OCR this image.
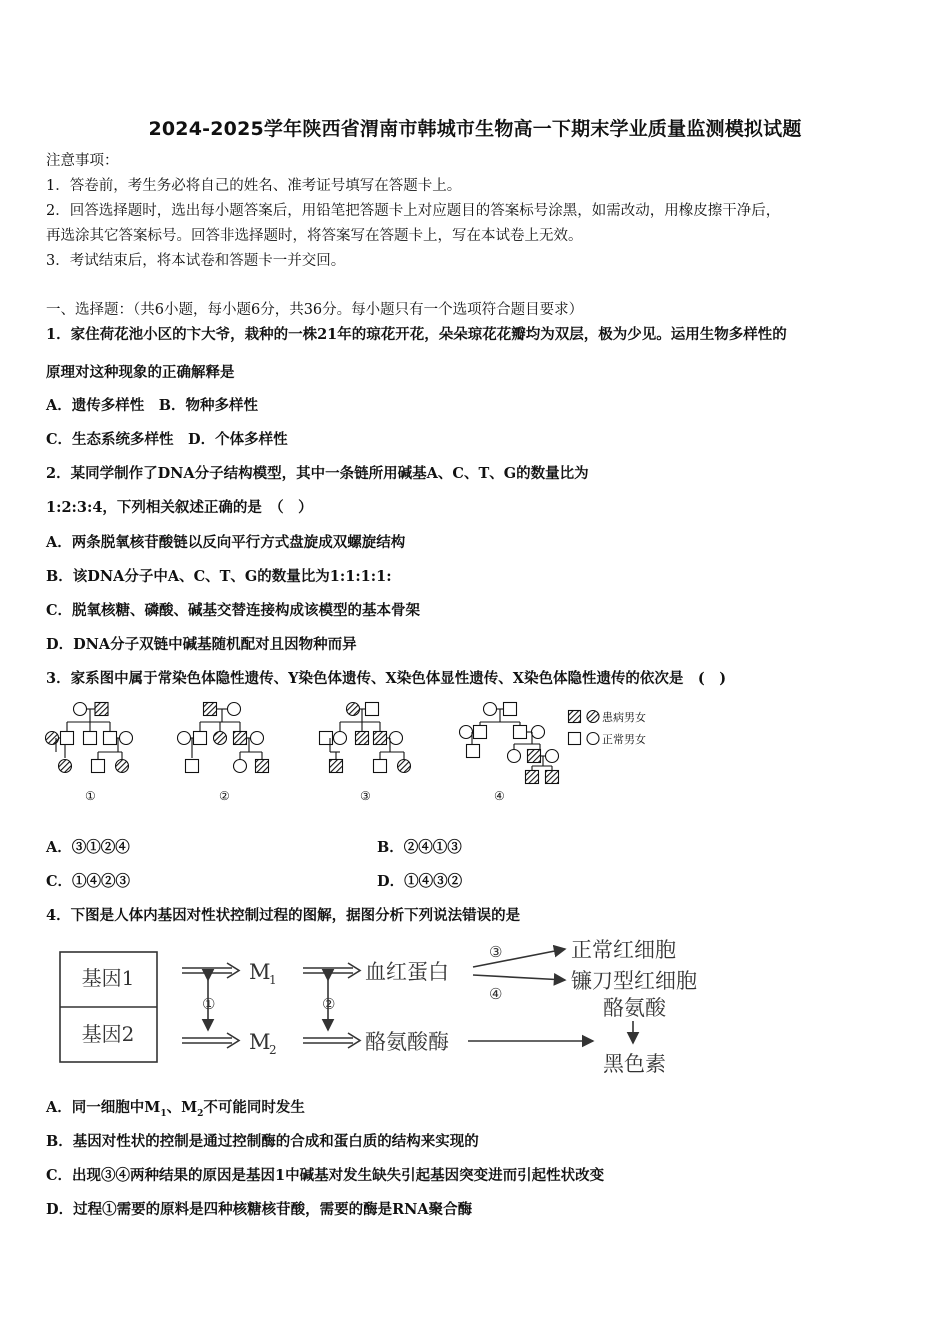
2024-2025学年陕西省渭南市韩城市生物高一下期末学业质量监测模拟试题
注意事项：
1．答卷前，考生务必将自己的姓名、准考证号填写在答题卡上。
2．回答选择题时，选出每小题答案后，用铅笔把答题卡上对应题目的答案标号涂黑，如需改动，用橡皮擦干净后，
再选涂其它答案标号。回答非选择题时，将答案写在答题卡上，写在本试卷上无效。
3．考试结束后，将本试卷和答题卡一并交回。
一、选择题：（共6小题，每小题6分，共36分。每小题只有一个选项符合题目要求）
1．家住荷花池小区的卞大爷，栽种的一株21年的琼花开花，朵朵琼花花瓣均为双层，极为少见。运用生物多样性的
原理对这种现象的正确解释是
A．遗传多样性　B．物种多样性
C．生态系统多样性　D．个体多样性
2．某同学制作了DNA分子结构模型，其中一条链所用碱基A、C、T、G的数量比为
1:2:3:4，下列相关叙述正确的是　（　）
A．两条脱氧核苷酸链以反向平行方式盘旋成双螺旋结构
B．该DNA分子中A、C、T、G的数量比为1:1:1:1:
C．脱氧核糖、磷酸、碱基交替连接构成该模型的基本骨架
D．DNA分子双链中碱基随机配对且因物种而异
3．家系图中属于常染色体隐性遗传、Y染色体遗传、X染色体显性遗传、X染色体隐性遗传的依次是　(　)
患病男女
正常男女
①	②	③	④
A．③①②④	B．②④①③
C．①④②③	D．①④③②
4．下图是人体内基因对性状控制过程的图解，据图分析下列说法错误的是
基因1
基因2
M
1
M
2
血红蛋白
酪氨酸酶
正常红细胞
镰刀型红细胞
酪氨酸
黑色素
①	②
③
④
A．同一细胞中$M_1$、$M_2$不可能同时发生
B．基因对性状的控制是通过控制酶的合成和蛋白质的结构来实现的
C．出现③④两种结果的原因是基因1中碱基对发生缺失引起基因突变进而引起性状改变
D．过程①需要的原料是四种核糖核苷酸，需要的酶是RNA聚合酶
